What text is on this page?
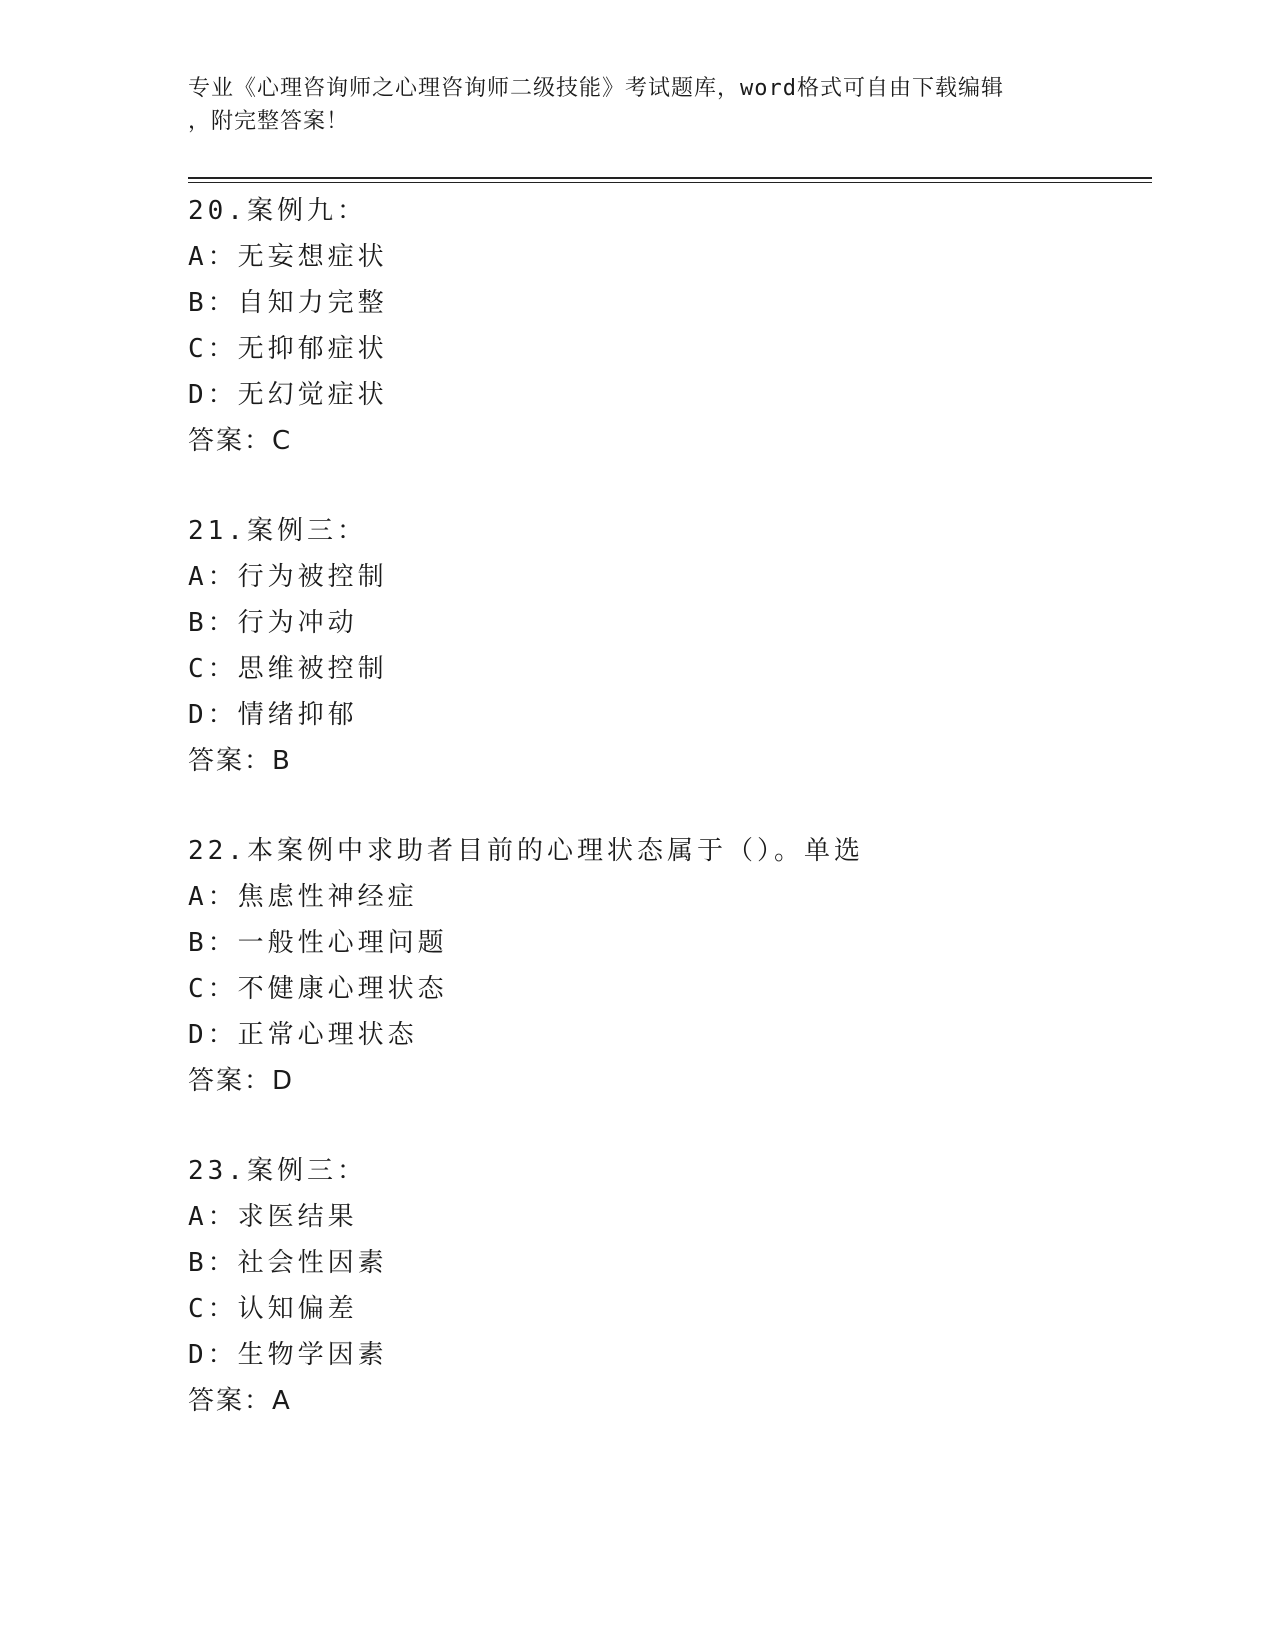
专业《心理咨询师之心理咨询师二级技能》考试题库，word格式可自由下载编辑
，附完整答案！
20.案例九：
A：无妄想症状
B：自知力完整
C：无抑郁症状
D：无幻觉症状
答案：C
21.案例三：
A：行为被控制
B：行为冲动
C：思维被控制
D：情绪抑郁
答案：B
22.本案例中求助者目前的心理状态属于（）。单选
A：焦虑性神经症
B：一般性心理问题
C：不健康心理状态
D：正常心理状态
答案：D
23.案例三：
A：求医结果
B：社会性因素
C：认知偏差
D：生物学因素
答案：A
